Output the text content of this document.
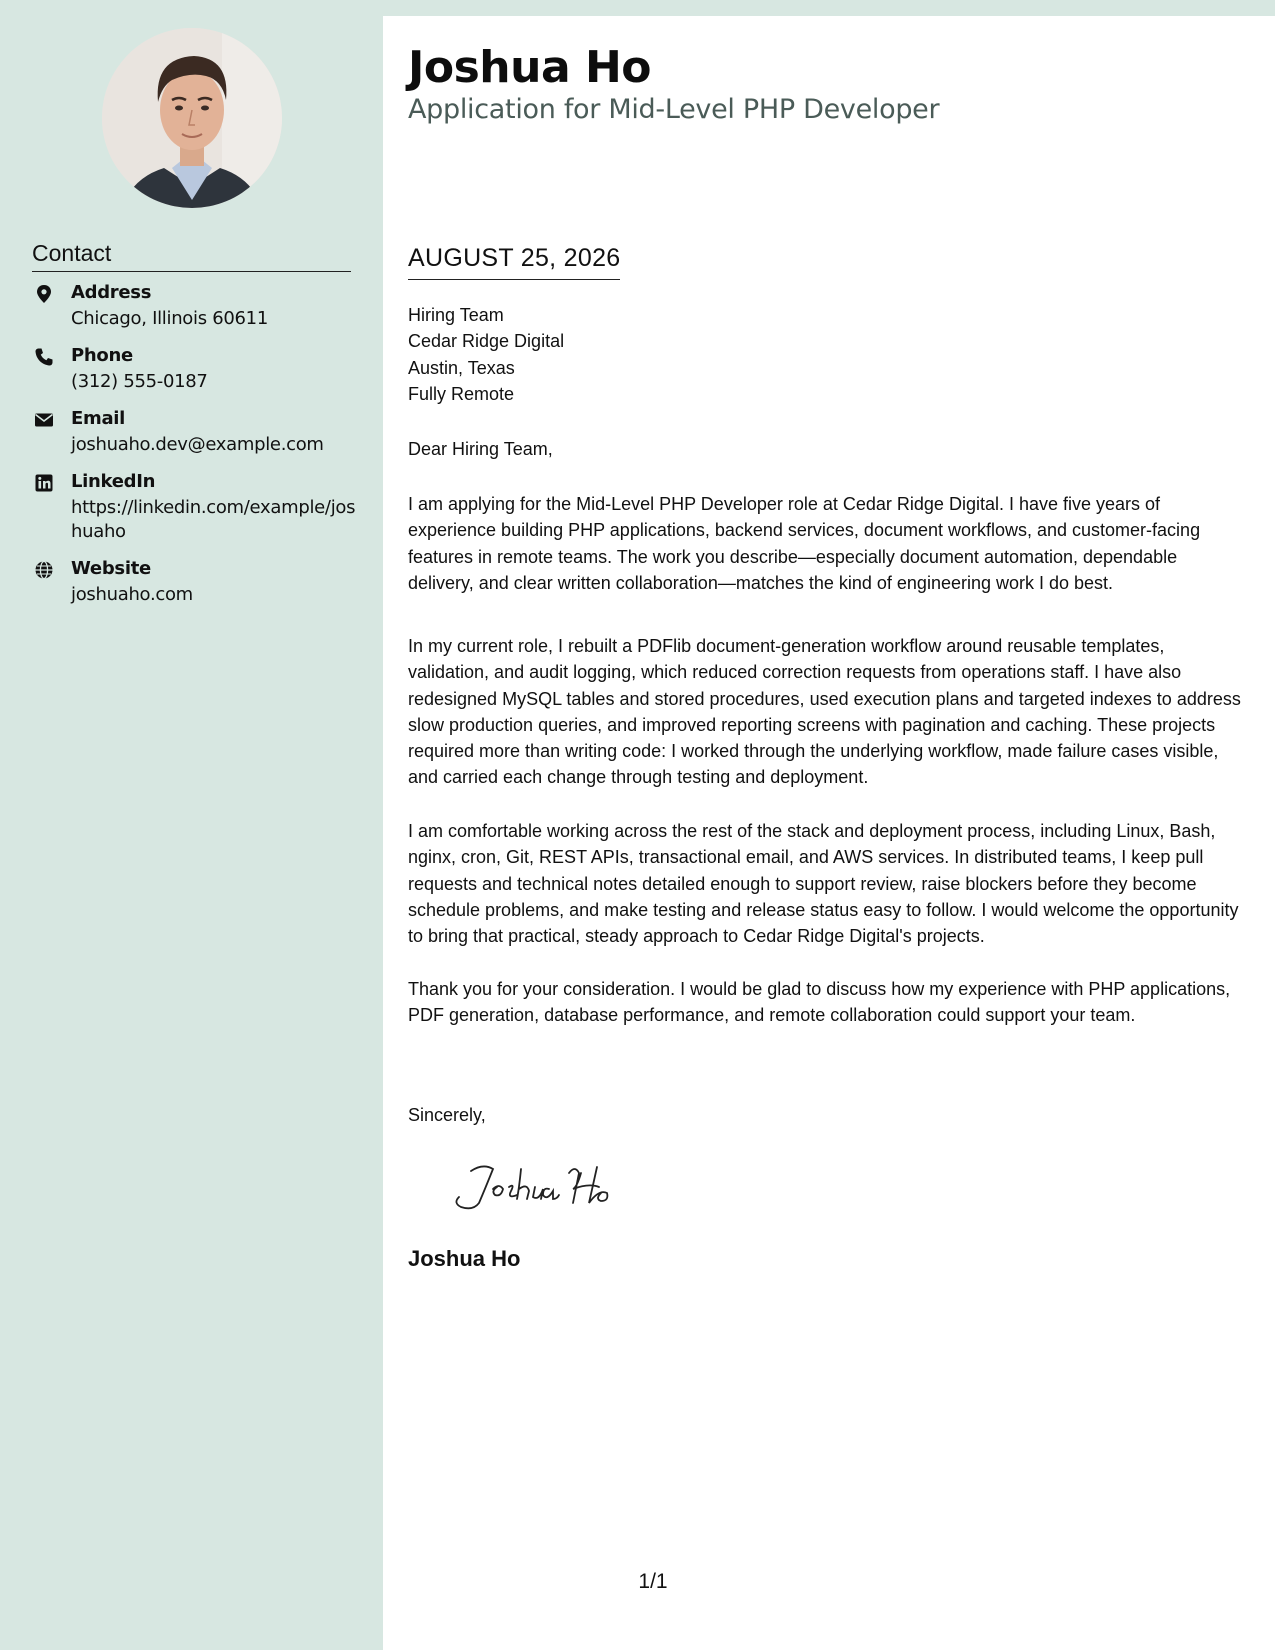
Contact
Address
Chicago, Illinois 60611
Phone
(312) 555-0187
Email
joshuaho.dev@example.com
LinkedIn
https://linkedin.com/example/joshuaho
Website
joshuaho.com
Joshua Ho
Application for Mid-Level PHP Developer
AUGUST 25, 2026
Hiring Team
Cedar Ridge Digital
Austin, Texas
Fully Remote
Dear Hiring Team,

I am applying for the Mid-Level PHP Developer role at Cedar Ridge Digital. I have five years of experience building PHP applications, backend services, document workflows, and customer-facing features in remote teams. The work you describe—especially document automation, dependable delivery, and clear written collaboration—matches the kind of engineering work I do best.

In my current role, I rebuilt a PDFlib document-generation workflow around reusable templates, validation, and audit logging, which reduced correction requests from operations staff. I have also redesigned MySQL tables and stored procedures, used execution plans and targeted indexes to address slow production queries, and improved reporting screens with pagination and caching. These projects required more than writing code: I worked through the underlying workflow, made failure cases visible, and carried each change through testing and deployment.

I am comfortable working across the rest of the stack and deployment process, including Linux, Bash, nginx, cron, Git, REST APIs, transactional email, and AWS services. In distributed teams, I keep pull requests and technical notes detailed enough to support review, raise blockers before they become schedule problems, and make testing and release status easy to follow. I would welcome the opportunity to bring that practical, steady approach to Cedar Ridge Digital's projects.

Thank you for your consideration. I would be glad to discuss how my experience with PHP applications, PDF generation, database performance, and remote collaboration could support your team.

Sincerely,
Joshua Ho
1/1
